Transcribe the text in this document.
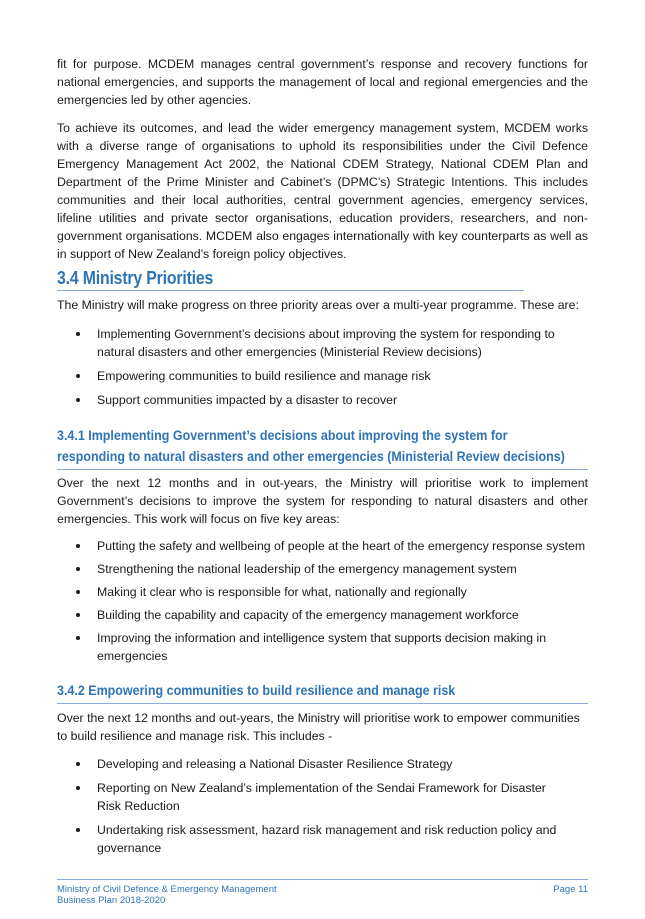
fit for purpose. MCDEM manages central government’s response and recovery functions for national emergencies, and supports the management of local and regional emergencies and the emergencies led by other agencies.

To achieve its outcomes, and lead the wider emergency management system, MCDEM works with a diverse range of organisations to uphold its responsibilities under the Civil Defence Emergency Management Act 2002, the National CDEM Strategy, National CDEM Plan and Department of the Prime Minister and Cabinet’s (DPMC’s) Strategic Intentions. This includes communities and their local authorities, central government agencies, emergency services, lifeline utilities and private sector organisations, education providers, researchers, and non-government organisations. MCDEM also engages internationally with key counterparts as well as in support of New Zealand’s foreign policy objectives.

3.4 Ministry Priorities

The Ministry will make progress on three priority areas over a multi-year programme. These are:

Implementing Government’s decisions about improving the system for responding to natural disasters and other emergencies (Ministerial Review decisions)
Empowering communities to build resilience and manage risk
Support communities impacted by a disaster to recover
3.4.1 Implementing Government’s decisions about improving the system for
responding to natural disasters and other emergencies (Ministerial Review decisions)

Over the next 12 months and in out-years, the Ministry will prioritise work to implement Government’s decisions to improve the system for responding to natural disasters and other emergencies. This work will focus on five key areas:

Putting the safety and wellbeing of people at the heart of the emergency response system
Strengthening the national leadership of the emergency management system
Making it clear who is responsible for what, nationally and regionally
Building the capability and capacity of the emergency management workforce
Improving the information and intelligence system that supports decision making in emergencies
3.4.2 Empowering communities to build resilience and manage risk

Over the next 12 months and out-years, the Ministry will prioritise work to empower communities to build resilience and manage risk. This includes -

Developing and releasing a National Disaster Resilience Strategy
Reporting on New Zealand’s implementation of the Sendai Framework for Disaster Risk Reduction
Undertaking risk assessment, hazard risk management and risk reduction policy and governance
Ministry of Civil Defence & Emergency Management
Business Plan 2018-2020
Page 11
